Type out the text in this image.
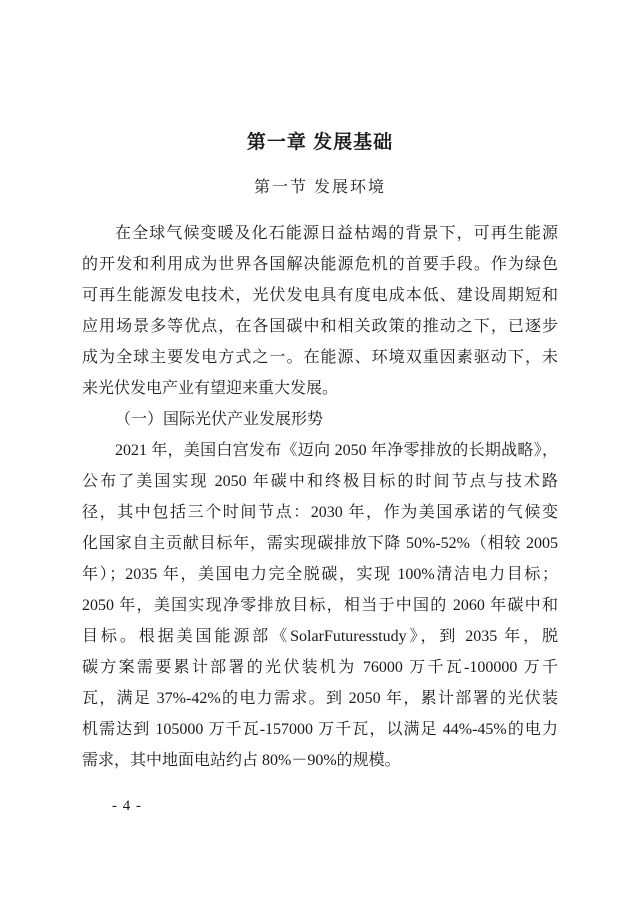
第一章 发展基础
第一节 发展环境
在全球气候变暖及化石能源日益枯竭的背景下，可再生能源
的开发和利用成为世界各国解决能源危机的首要手段。作为绿色
可再生能源发电技术，光伏发电具有度电成本低、建设周期短和
应用场景多等优点，在各国碳中和相关政策的推动之下，已逐步
成为全球主要发电方式之一。在能源、环境双重因素驱动下，未
来光伏发电产业有望迎来重大发展。
（一）国际光伏产业发展形势
2021 年，美国白宫发布《迈向 2050 年净零排放的长期战略》，
公布了美国实现 2050 年碳中和终极目标的时间节点与技术路
径，其中包括三个时间节点：2030 年，作为美国承诺的气候变
化国家自主贡献目标年，需实现碳排放下降 50%-52%（相较 2005
年）；2035 年，美国电力完全脱碳，实现 100%清洁电力目标；
2050 年，美国实现净零排放目标，相当于中国的 2060 年碳中和
目标。根据美国能源部《SolarFuturesstudy》，到 2035 年，脱
碳方案需要累计部署的光伏装机为 76000 万千瓦-100000 万千
瓦，满足 37%-42%的电力需求。到 2050 年，累计部署的光伏装
机需达到 105000 万千瓦-157000 万千瓦，以满足 44%-45%的电力
需求，其中地面电站约占 80%－90%的规模。
- 4 -
